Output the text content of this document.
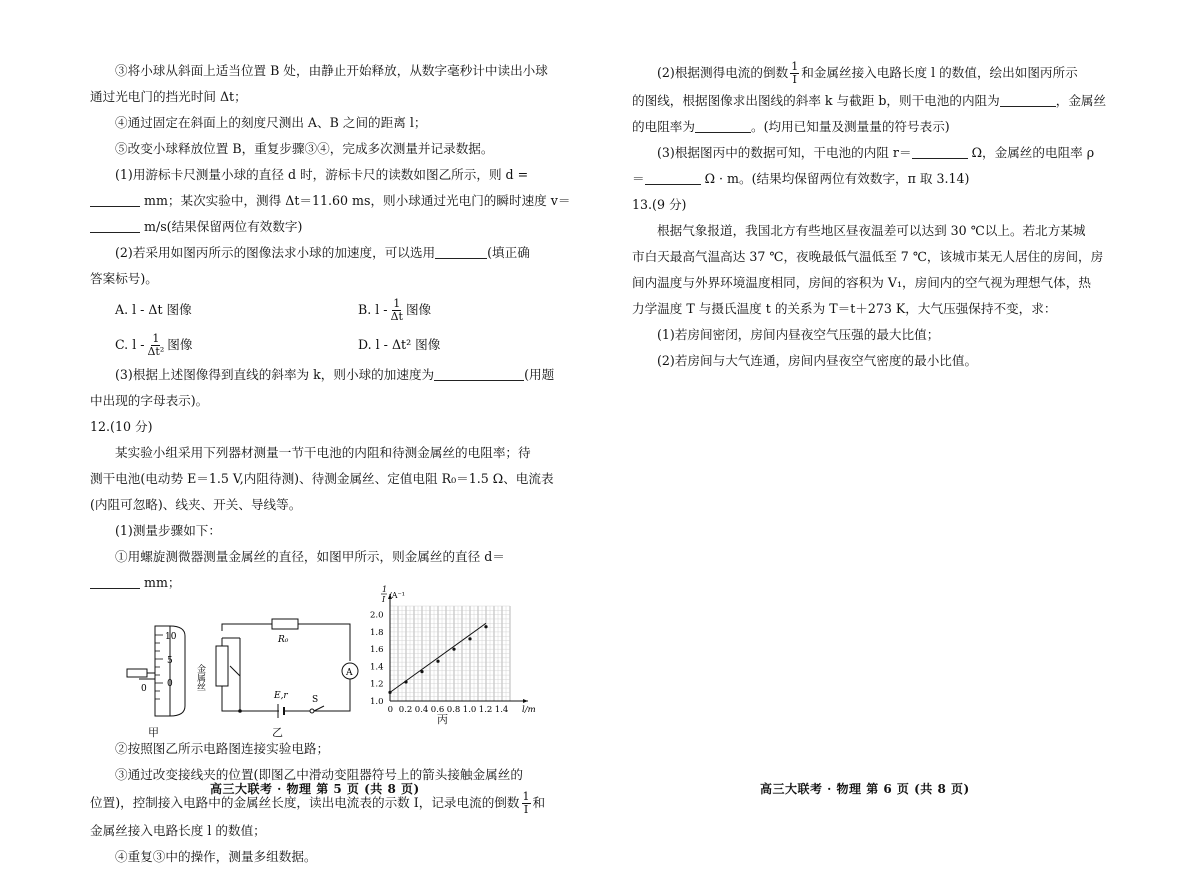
③将小球从斜面上适当位置 B 处，由静止开始释放，从数字毫秒计中读出小球

通过光电门的挡光时间 Δt；

④通过固定在斜面上的刻度尺测出 A、B 之间的距离 l；

⑤改变小球释放位置 B，重复步骤③④，完成多次测量并记录数据。

(1)用游标卡尺测量小球的直径 d 时，游标卡尺的读数如图乙所示，则 d =

mm；某次实验中，测得 Δt＝11.60 ms，则小球通过光电门的瞬时速度 v＝

m/s(结果保留两位有效数字)

(2)若采用如图丙所示的图像法求小球的加速度，可以选用	(填正确

答案标号)。

A. l - Δt 图像	B. l - $\frac{1}{\Delta t}$ 图像
C. l - $\frac{1}{\text{Δt²}}$ 图像	D. l - Δt² 图像

(3)根据上述图像得到直线的斜率为 k，则小球的加速度为	(用题

中出现的字母表示)。

12.(10 分)

某实验小组采用下列器材测量一节干电池的内阻和待测金属丝的电阻率；待

测干电池(电动势 E＝1.5 V,内阻待测)、待测金属丝、定值电阻 R₀＝1.5 Ω、电流表

(内阻可忽略)、线夹、开关、导线等。

(1)测量步骤如下：

①用螺旋测微器测量金属丝的直径，如图甲所示，则金属丝的直径 d＝

mm；

10
5
0
0
甲
R₀
A
E,r	S
金属丝
乙
0 0.2 0.4 0.6 0.8 1.0 1.2 1.4
1.0
1.2
1.4
1.6
1.8
2.0
l/m
1
I /A⁻¹
丙

②按照图乙所示电路图连接实验电路；

③通过改变接线夹的位置(即图乙中滑动变阻器符号上的箭头接触金属丝的

位置)，控制接入电路中的金属丝长度，读出电流表的示数 I，记录电流的倒数 $\frac{1}{I}$ 和

金属丝接入电路长度 l 的数值；

④重复③中的操作，测量多组数据。

(2)根据测得电流的倒数 $\frac{1}{I}$ 和金属丝接入电路长度 l 的数值，绘出如图丙所示

的图线，根据图像求出图线的斜率 k 与截距 b，则干电池的内阻为	，金属丝

的电阻率为	。(均用已知量及测量量的符号表示)

(3)根据图丙中的数据可知，干电池的内阻 r＝	Ω，金属丝的电阻率 ρ

＝	Ω · m。(结果均保留两位有效数字，π 取 3.14)

13.(9 分)

根据气象报道，我国北方有些地区昼夜温差可以达到 30 ℃以上。若北方某城

市白天最高气温高达 37 ℃，夜晚最低气温低至 7 ℃，该城市某无人居住的房间，房

间内温度与外界环境温度相同，房间的容积为 V₁，房间内的空气视为理想气体，热

力学温度 T 与摄氏温度 t 的关系为 T＝t＋273 K，大气压强保持不变，求：

(1)若房间密闭，房间内昼夜空气压强的最大比值；

(2)若房间与大气连通，房间内昼夜空气密度的最小比值。

高三大联考 · 物理 第 5 页 (共 8 页)	高三大联考 · 物理 第 6 页 (共 8 页)
